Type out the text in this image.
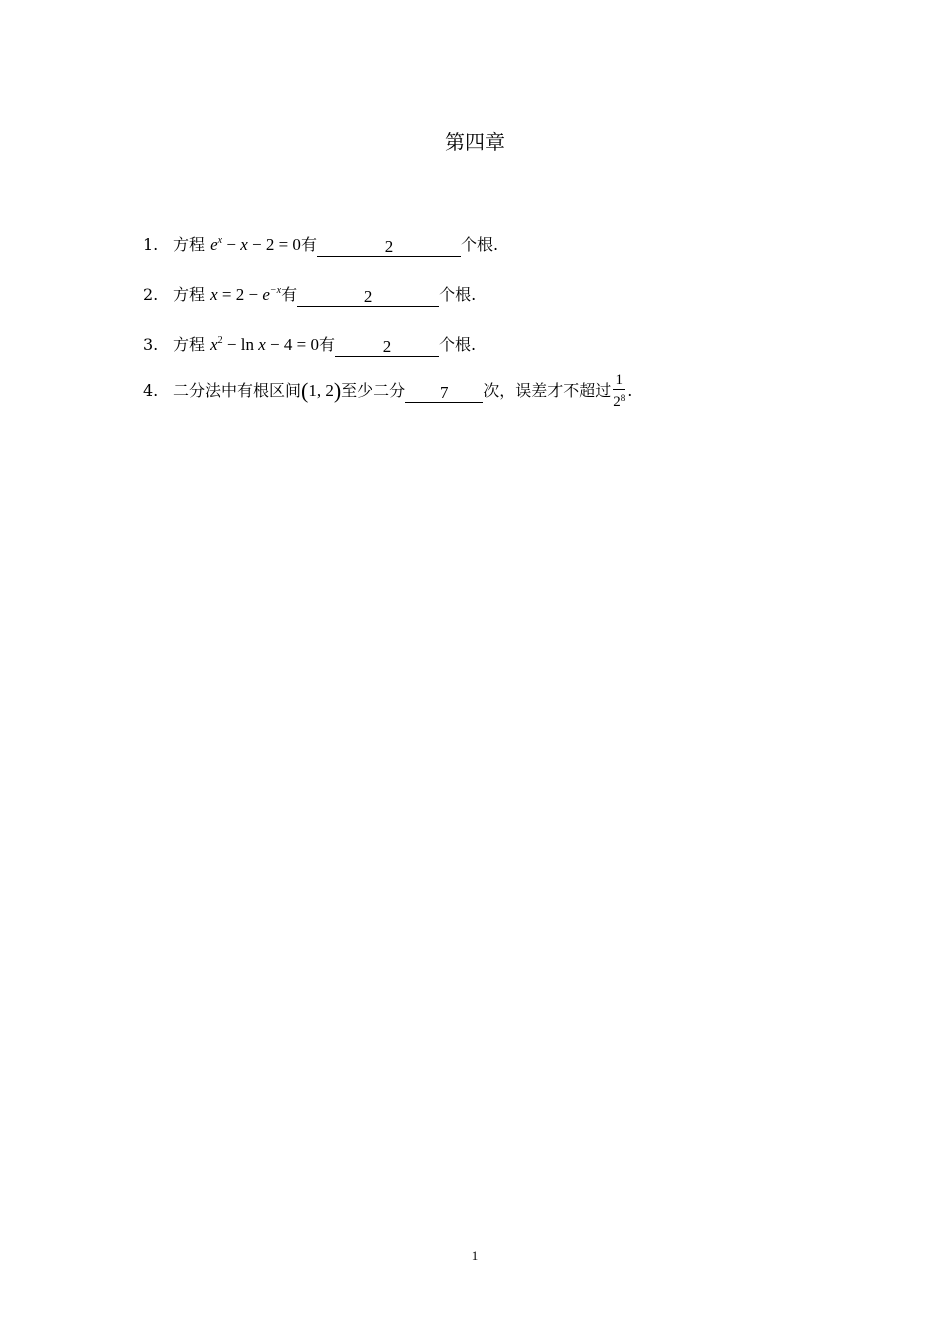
第四章
1. 方程 $e^x - x - 2 = 0$有	2	个根.
2. 方程 $x = 2 - e^{-x}$有	2	个根.
3. 方程 $x^2 - \ln x - 4 = 0$有	2	个根.
4. 二分法中有根区间(1, 2)至少二分 7 次，误差才不超过 $\frac{1}{2^8}$ .
1
